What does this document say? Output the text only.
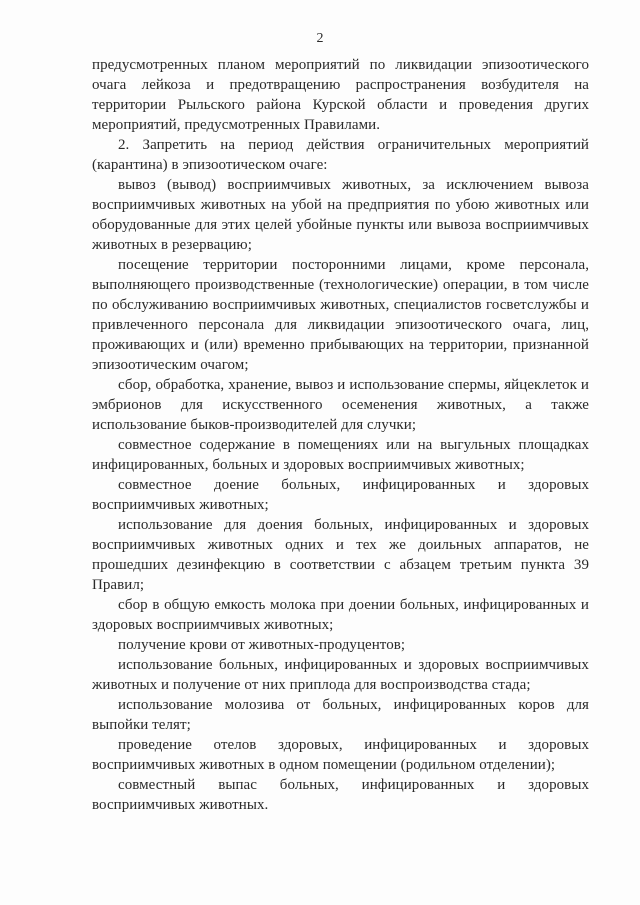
2

предусмотренных планом мероприятий по ликвидации эпизоотического очага лейкоза и предотвращению распространения возбудителя на территории Рыльского района Курской области и проведения других мероприятий, предусмотренных Правилами.

2. Запретить на период действия ограничительных мероприятий (карантина) в эпизоотическом очаге:

вывоз (вывод) восприимчивых животных, за исключением вывоза восприимчивых животных на убой на предприятия по убою животных или оборудованные для этих целей убойные пункты или вывоза восприимчивых животных в резервацию;

посещение территории посторонними лицами, кроме персонала, выполняющего производственные (технологические) операции, в том числе по обслуживанию восприимчивых животных, специалистов госветслужбы и привлеченного персонала для ликвидации эпизоотического очага, лиц, проживающих и (или) временно прибывающих на территории, признанной эпизоотическим очагом;

сбор, обработка, хранение, вывоз и использование спермы, яйцеклеток и эмбрионов для искусственного осеменения животных, а также использование быков-производителей для случки;

совместное содержание в помещениях или на выгульных площадках инфицированных, больных и здоровых восприимчивых животных;

совместное доение больных, инфицированных и здоровых восприимчивых животных;

использование для доения больных, инфицированных и здоровых восприимчивых животных одних и тех же доильных аппаратов, не прошедших дезинфекцию в соответствии с абзацем третьим пункта 39 Правил;

сбор в общую емкость молока при доении больных, инфицированных и здоровых восприимчивых животных;

получение крови от животных-продуцентов;

использование больных, инфицированных и здоровых восприимчивых животных и получение от них приплода для воспроизводства стада;

использование молозива от больных, инфицированных коров для выпойки телят;

проведение отелов здоровых, инфицированных и здоровых восприимчивых животных в одном помещении (родильном отделении);

совместный выпас больных, инфицированных и здоровых восприимчивых животных.
